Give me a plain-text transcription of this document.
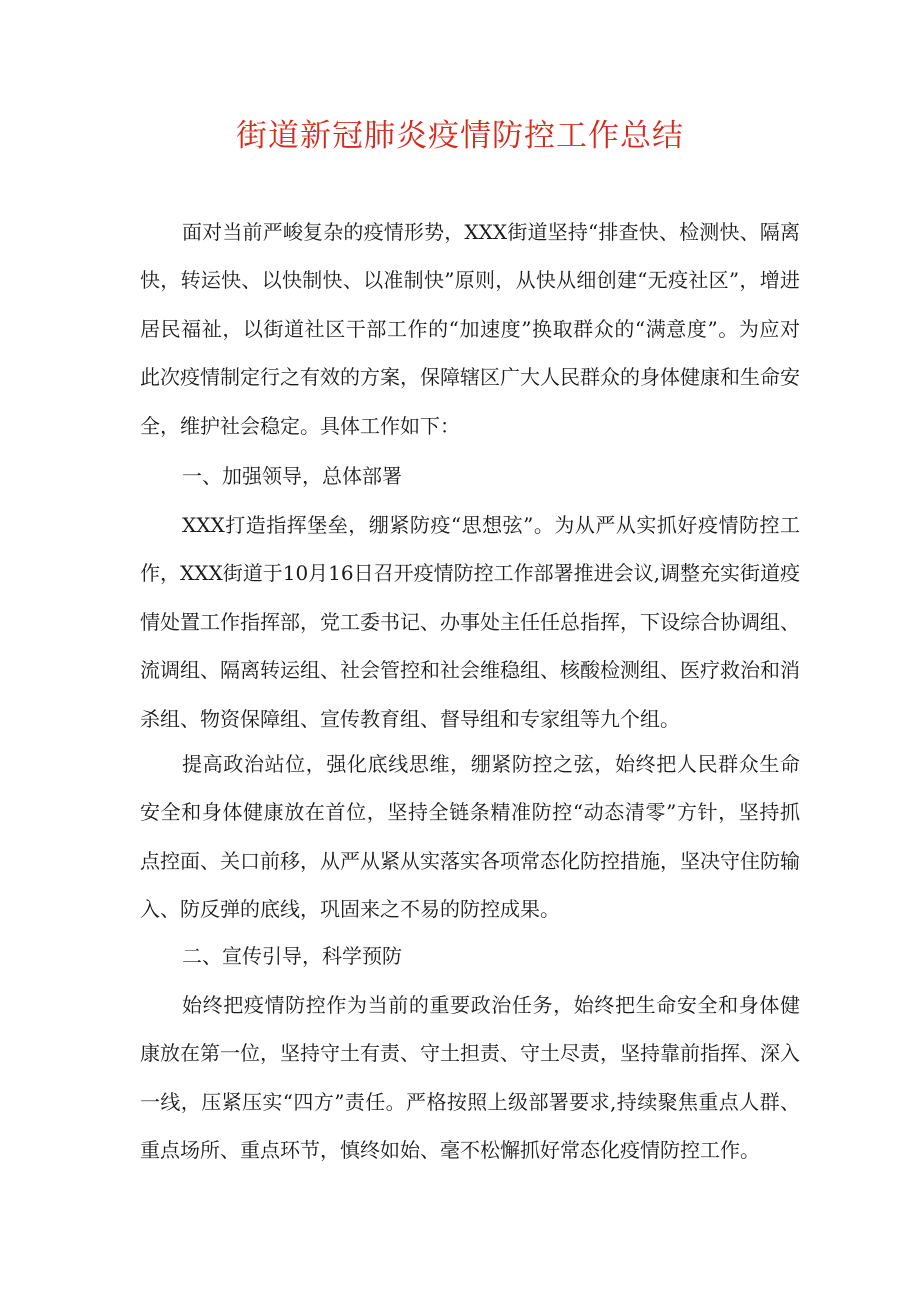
街道新冠肺炎疫情防控工作总结

面对当前严峻复杂的疫情形势，XXX街道坚持“排查快、检测快、隔离快，转运快、以快制快、以准制快”原则，从快从细创建“无疫社区”，增进居民福祉，以街道社区干部工作的“加速度”换取群众的“满意度”。为应对此次疫情制定行之有效的方案，保障辖区广大人民群众的身体健康和生命安全，维护社会稳定。具体工作如下：

一、加强领导，总体部署

XXX打造指挥堡垒，绷紧防疫“思想弦”。为从严从实抓好疫情防控工作，XXX街道于10月16日召开疫情防控工作部署推进会议,调整充实街道疫情处置工作指挥部，党工委书记、办事处主任任总指挥，下设综合协调组、流调组、隔离转运组、社会管控和社会维稳组、核酸检测组、医疗救治和消杀组、物资保障组、宣传教育组、督导组和专家组等九个组。

提高政治站位，强化底线思维，绷紧防控之弦，始终把人民群众生命安全和身体健康放在首位，坚持全链条精准防控“动态清零”方针，坚持抓点控面、关口前移，从严从紧从实落实各项常态化防控措施，坚决守住防输入、防反弹的底线，巩固来之不易的防控成果。

二、宣传引导，科学预防

始终把疫情防控作为当前的重要政治任务，始终把生命安全和身体健康放在第一位，坚持守土有责、守土担责、守土尽责，坚持靠前指挥、深入一线，压紧压实“四方”责任。严格按照上级部署要求,持续聚焦重点人群、重点场所、重点环节，慎终如始、毫不松懈抓好常态化疫情防控工作。
